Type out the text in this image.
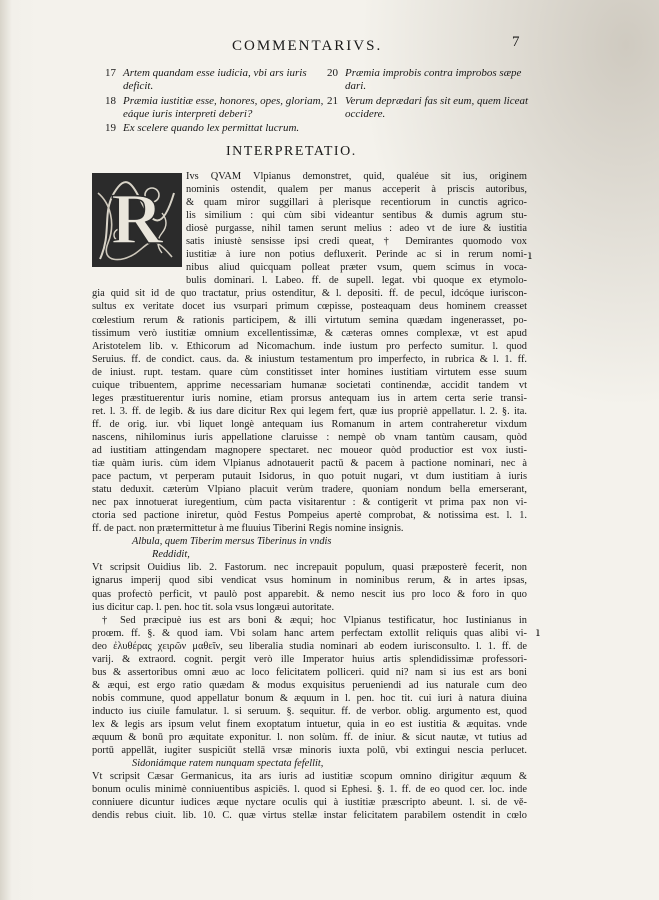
COMMENTARIVS.	7
17 Artem quandam esse iudicia, vbi ars iuris
deficit.
18 Præmia iustitiæ esse, honores, opes, gloriam,
eáque iuris interpreti deberi?
19 Ex scelere quando lex permittat lucrum.
20 Præmia improbis contra improbos sæpe
dari.
21 Verum deprædari fas sit eum, quem liceat
occidere.
INTERPRETATIO.
R
Ivs QVAM Vlpianus demonstret, quid, qualéue sit ius, originem
nominis ostendit, qualem per manus acceperit à priscis autoribus,
& quam miror suggillari à plerisque recentiorum in cunctis agrico-
lis similium : qui cùm sibi videantur sentibus & dumis agrum stu-
diosè purgasse, nihil tamen serunt melius : adeo vt de iure & iustitia
satis iniustè sensisse ipsi credi queat, † Demirantes quomodo vox
iustitiæ à iure non potius defluxerit. Perinde ac si in rerum nomi-
nibus aliud quicquam polleat præter vsum, quem scimus in vocа-
bulis dominari. l. Labeo. ff. de supell. legat. vbi quoque ex etymolo-
gia quid sit id de quo tractatur, prius ostenditur, & l. depositi. ff. de pecul, idcóque iuriscon-
sultus ex veritate docet ius vsurpari primum cœpisse, posteaquam deus hominem creasset
cœlestium rerum & rationis participem, & illi virtutum semina quædam ingenerasset, po-
tissimum verò iustitiæ omnium excellentissimæ, & cæteras omnes complexæ, vt est apud
Aristotelem lib. v. Ethicorum ad Nicomachum. inde iustum pro perfecto sumitur. l. quod
Seruius. ff. de condict. caus. da. & iniustum testamentum pro imperfecto, in rubrica & l. 1. ff.
de iniust. rupt. testam. quare cùm constitisset inter homines iustitiam virtutem esse suum
cuique tribuentem, apprime necessariam humanæ societati continendæ, accidit tandem vt
leges præstituerentur iuris nomine, etiam prorsus antequam ius in artem certa serie transi-
ret. l. 3. ff. de legib. & ius dare dicitur Rex qui legem fert, quæ ius propriè appellatur. l. 2. §. ita.
ff. de orig. iur. vbi liquet longè antequam ius Romanum in artem contraheretur vixdum
nascens, nihilominus iuris appellatione claruisse : nempè ob vnam tantùm causam, quòd
ad iustitiam attingendam magnopere spectaret. nec moueor quòd productior est vox iusti-
tiæ quàm iuris. cùm idem Vlpianus adnotauerit pactū & pacem à pactione nominari, nec à
pace pactum, vt perperam putauit Isidorus, in quo potuit nugari, vt dum iustitiam à iuris
statu deduxit. cæterùm Vlpiano placuit verùm tradere, quoniam nondum bella emerserant,
nec pax innotuerat iuregentium, cùm pacta visitarentur : & contigerit vt prima pax non vi-
ctoria sed pactione iniretur, quòd Festus Pompeius apertè comprobat, & notissima est. l. 1.
ff. de pact. non prætermittetur à me fluuius Tiberini Regis nomine insignis.
Albula, quem Tiberim mersus Tiberinus in vndis
Reddidit,
Vt scripsit Ouidius lib. 2. Fastorum. nec increpauit populum, quasi præposterè fecerit, non
ignarus imperij quod sibi vendicat vsus hominum in nominibus rerum, & in artes ipsas,
quas profectò perficit, vt paulò post apparebit. & nemo nescit ius pro loco & foro in quo
ius dicitur cap. l. pen. hoc tit. sola vsus longæui autoritate.
† Sed præcipuè ius est ars boni & æqui; hoc Vlpianus testificatur, hoc Iustinianus in
proœm. ff. §. & quod iam. Vbi solam hanc artem perfectam extollit reliquis quas alibi vi-
deo ἐλυθέρας χειρῶν μαθεῖν, seu liberalia studia nominari ab eodem iurisconsulto. l. 1. ff. de
varij. & extraord. cognit. pergit verò ille Imperator huius artis splendidissimæ professori-
bus & assertoribus omni æuo ac loco felicitatem polliceri. quid ni? nam si ius est ars boni
& æqui, est ergo ratio quædam & modus exquisitus perueniendi ad ius naturale cum deo
nobis commune, quod appellatur bonum & æquum in l. pen. hoc tit. cui iuri à natura diuina
inducto ius ciuile famulatur. l. si seruum. §. sequitur. ff. de verbor. oblig. argumento est, quod
lex & legis ars ipsum velut finem exoptatum intuetur, quia in eo est iustitia & æquitas. vnde
æquum & bonū pro æquitate exponitur. l. non solùm. ff. de iniur. & sicut nautæ, vt tutius ad
portū appellāt, iugiter suspiciūt stellā vrsæ minoris iuxta polū, vbi extingui nescia perlucet.
Sidoniámque ratem nunquam spectata fefellit,
Vt scripsit Cæsar Germanicus, ita ars iuris ad iustitiæ scopum omnino dirigitur æquum &
bonum oculis minimè conniuentibus aspiciēs. l. quod si Ephesi. §. 1. ff. de eo quod cer. loc. inde
conniuere dicuntur iudices æque nyctare oculis qui à iustitiæ præscripto abeunt. l. si. de vě-
dendis rebus ciuit. lib. 10. C. quæ virtus stellæ instar felicitatem parabilem ostendit in cœlo
ı
ı
